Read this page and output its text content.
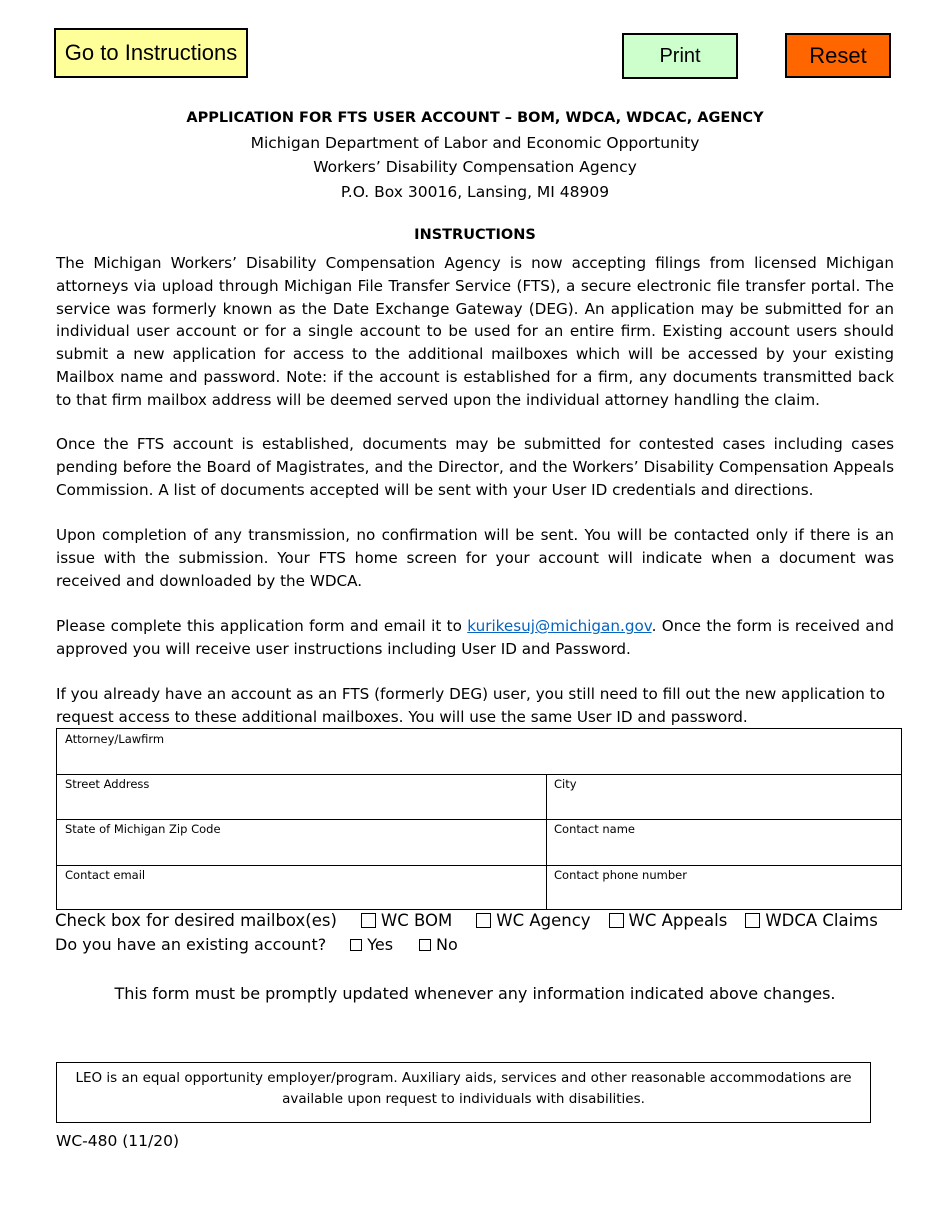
Go to Instructions	Print	Reset
APPLICATION FOR FTS USER ACCOUNT – BOM, WDCA, WDCAC, AGENCY
Michigan Department of Labor and Economic Opportunity
Workers’ Disability Compensation Agency
P.O. Box 30016, Lansing, MI 48909
INSTRUCTIONS
The Michigan Workers’ Disability Compensation Agency is now accepting filings from licensed Michigan attorneys via upload through Michigan File Transfer Service (FTS), a secure electronic file transfer portal. The service was formerly known as the Date Exchange Gateway (DEG). An application may be submitted for an individual user account or for a single account to be used for an entire firm. Existing account users should submit a new application for access to the additional mailboxes which will be accessed by your existing Mailbox name and password. Note: if the account is established for a firm, any documents transmitted back to that firm mailbox address will be deemed served upon the individual attorney handling the claim.
Once the FTS account is established, documents may be submitted for contested cases including cases pending before the Board of Magistrates, and the Director, and the Workers’ Disability Compensation Appeals Commission. A list of documents accepted will be sent with your User ID credentials and directions.
Upon completion of any transmission, no confirmation will be sent. You will be contacted only if there is an issue with the submission. Your FTS home screen for your account will indicate when a document was received and downloaded by the WDCA.
Please complete this application form and email it to kurikesuj@michigan.gov. Once the form is received and approved you will receive user instructions including User ID and Password.
If you already have an account as an FTS (formerly DEG) user, you still need to fill out the new application to request access to these additional mailboxes. You will use the same User ID and password.
Attorney/Lawfirm
Street Address	City
State of Michigan Zip Code	Contact name
Contact email	Contact phone number
Check box for desired mailbox(es)	WC BOM	WC Agency WC Appeals WDCA Claims
Do you have an existing account?	Yes	No
This form must be promptly updated whenever any information indicated above changes.
LEO is an equal opportunity employer/program. Auxiliary aids, services and other reasonable accommodations are available upon request to individuals with disabilities.
WC-480 (11/20)
